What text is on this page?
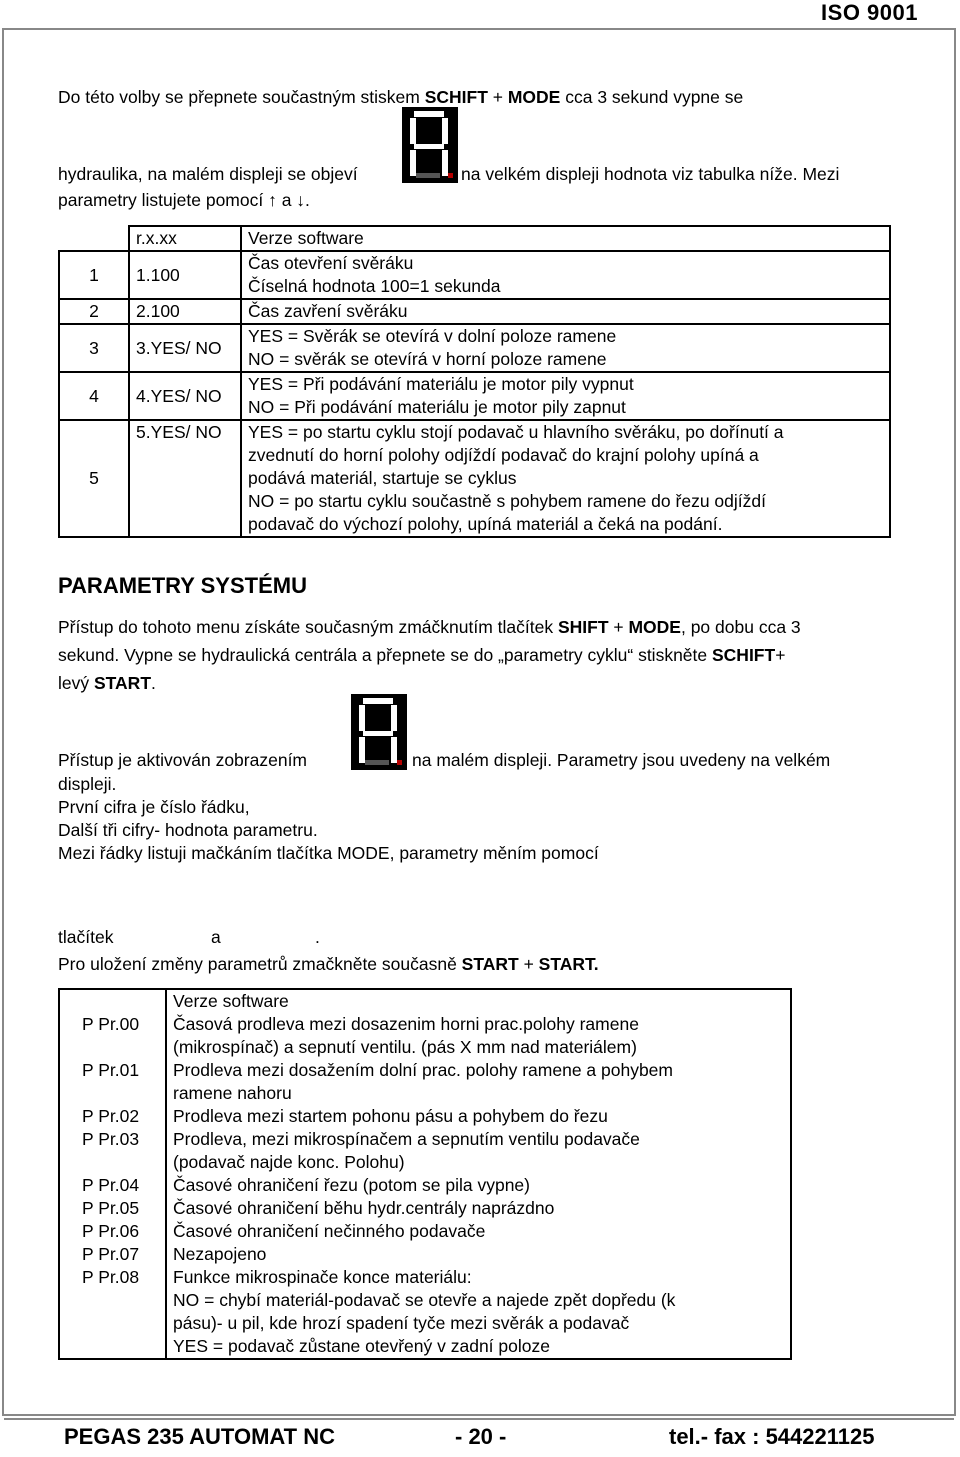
ISO 9001
Do této volby se přepnete součastným stiskem SCHIFT + MODE cca 3 sekund vypne se
hydraulika, na malém displeji se objeví	na velkém displeji hodnota viz tabulka níže. Mezi
parametry listujete pomocí ↑ a ↓.
	r.x.xx	Verze software

1	1.100	Čas otevření svěráku
Číselná hodnota 100=1 sekunda

2	2.100	Čas zavření svěráku

3	3.YES/ NO	YES = Svěrák se otevírá v dolní poloze ramene
NO = svěrák se otevírá v horní poloze ramene

4	4.YES/ NO	YES = Při podávání materiálu je motor pily vypnut
NO = Při podávání materiálu je motor pily zapnut

5	5.YES/ NO	YES = po startu cyklu stojí podavač u hlavního svěráku, po dořínutí a
zvednutí do horní polohy odjíždí podavač do krajní polohy upíná a
podává materiál, startuje se cyklus
NO = po startu cyklu součastně s pohybem ramene do řezu odjíždí
podavač do výchozí polohy, upíná materiál a čeká na podání.
PARAMETRY SYSTÉMU
Přístup do tohoto menu získáte současným zmáčknutím tlačítek SHIFT + MODE, po dobu cca 3
sekund. Vypne se hydraulická centrála a přepnete se do „parametry cyklu“ stiskněte SCHIFT+
levý START.
Přístup je aktivován zobrazením	na malém displeji. Parametry jsou uvedeny na velkém
displeji.
První cifra je číslo řádku,
Další tři cifry- hodnota parametru.
Mezi řádky listuji mačkáním tlačítka MODE, parametry měním pomocí
tlačítek	a	.
Pro uložení změny parametrů zmačkněte současně START + START.

	Verze software

P Pr.00	Časová prodleva mezi dosazenim horni prac.polohy ramene
(mikrospínač) a sepnutí ventilu. (pás X mm nad materiálem)

P Pr.01	Prodleva mezi dosažením dolní prac. polohy ramene a pohybem
ramene nahoru

P Pr.02	Prodleva mezi startem pohonu pásu a pohybem do řezu

P Pr.03	Prodleva, mezi mikrospínačem a sepnutím ventilu podavače
(podavač najde konc. Polohu)

P Pr.04	Časové ohraničení řezu (potom se pila vypne)

P Pr.05	Časové ohraničení běhu hydr.centrály naprázdno

P Pr.06	Časové ohraničení nečinného podavače

P Pr.07	Nezapojeno

P Pr.08	Funkce mikrospinače konce materiálu:
NO = chybí materiál-podavač se otevře a najede zpět dopředu (k
pásu)- u pil, kde hrozí spadení tyče mezi svěrák a podavač
YES = podavač zůstane otevřený v zadní poloze
PEGAS 235 AUTOMAT NC	- 20 -	tel.- fax : 544221125
